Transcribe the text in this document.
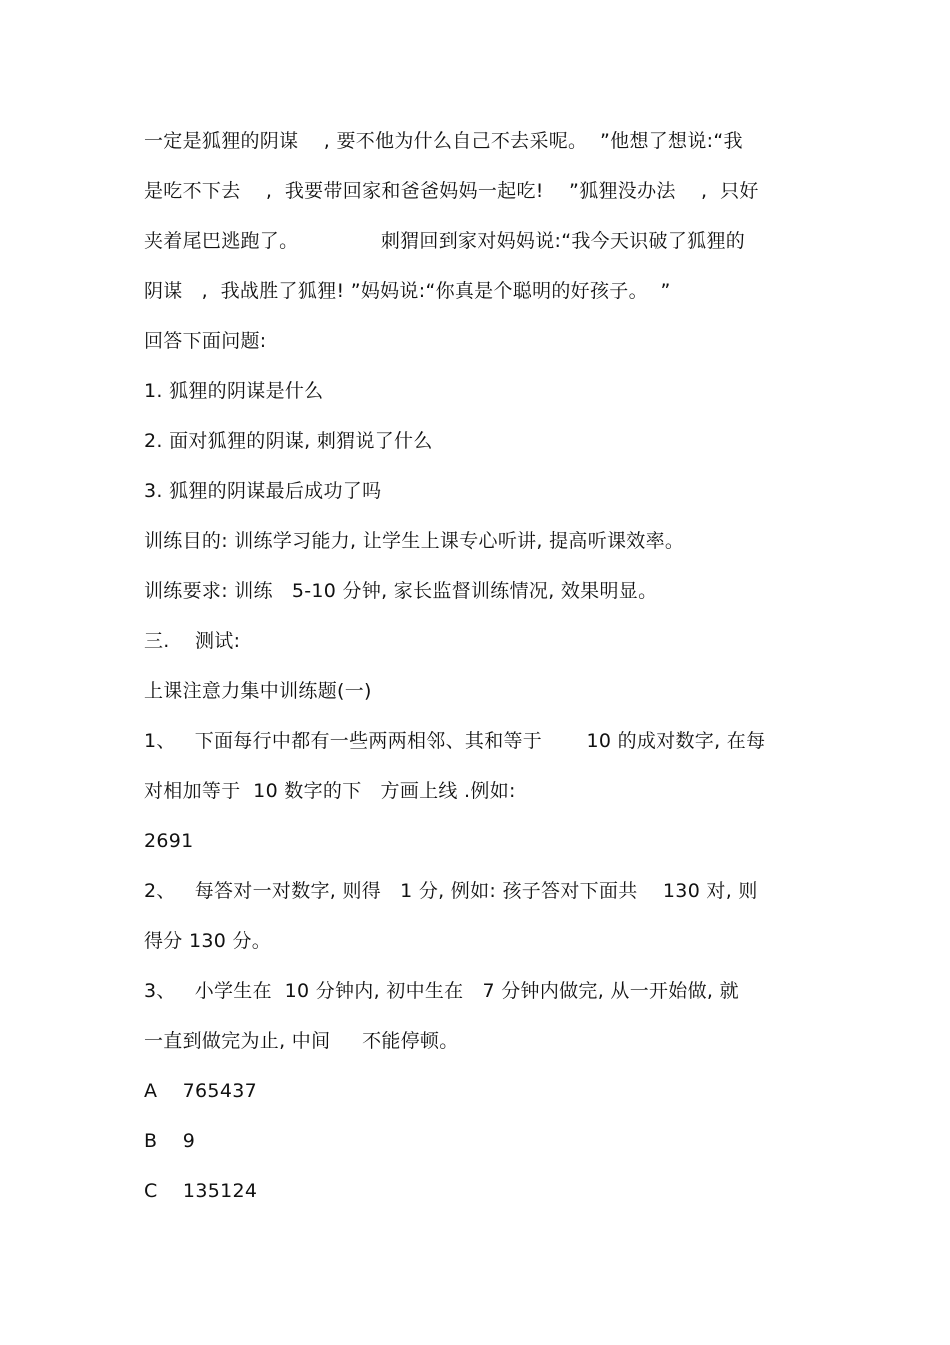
一定是狐狸的阴谋    , 要不他为什么自己不去采呢。  ”他想了想说:“我
是吃不下去    ,  我要带回家和爸爸妈妈一起吃!    ”狐狸没办法    ,  只好
夹着尾巴逃跑了。             刺猬回到家对妈妈说:“我今天识破了狐狸的
阴谋   ,  我战胜了狐狸! ”妈妈说:“你真是个聪明的好孩子。  ”
回答下面问题:
1. 狐狸的阴谋是什么
2. 面对狐狸的阴谋, 刺猬说了什么
3. 狐狸的阴谋最后成功了吗
训练目的: 训练学习能力, 让学生上课专心听讲, 提高听课效率。
训练要求: 训练   5-10 分钟, 家长监督训练情况, 效果明显。
三.    测试:
上课注意力集中训练题(一)
1、   下面每行中都有一些两两相邻、其和等于       10 的成对数字, 在每
对相加等于  10 数字的下   方画上线 .例如:
2691
2、   每答对一对数字, 则得   1 分, 例如: 孩子答对下面共    130 对, 则
得分 130 分。
3、   小学生在  10 分钟内, 初中生在   7 分钟内做完, 从一开始做, 就
一直到做完为止, 中间     不能停顿。
A    765437
B    9
C    135124
